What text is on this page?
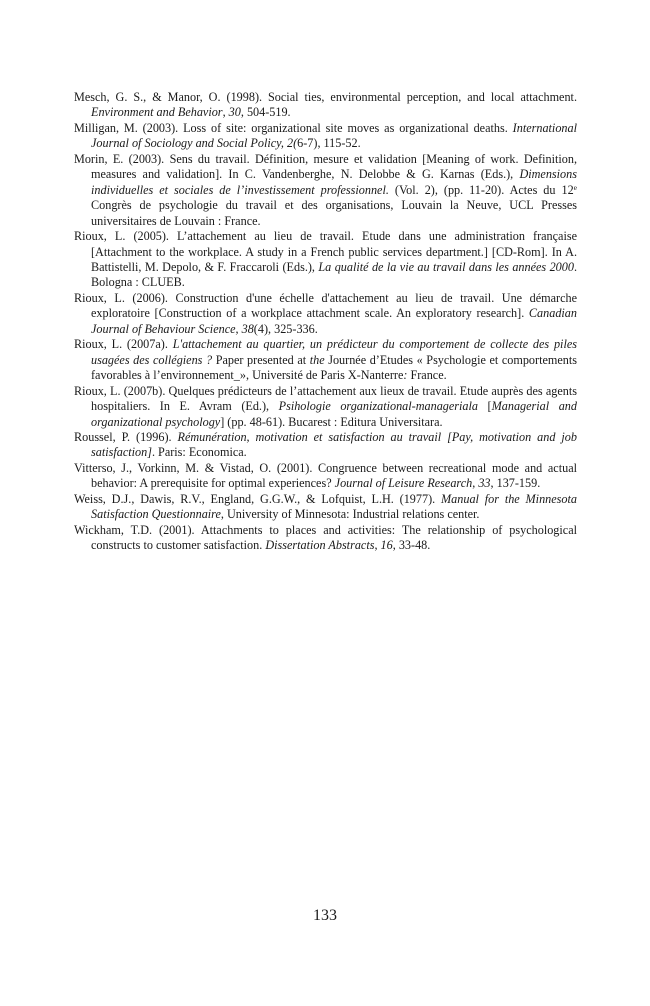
Mesch, G. S., & Manor, O. (1998). Social ties, environmental perception, and local attachment. Environment and Behavior, 30, 504-519.

Milligan, M. (2003). Loss of site: organizational site moves as organizational deaths. International Journal of Sociology and Social Policy, 2(6-7), 115-52.

Morin, E. (2003). Sens du travail. Définition, mesure et validation [Meaning of work. Definition, measures and validation]. In C. Vandenberghe, N. Delobbe & G. Karnas (Eds.), Dimensions individuelles et sociales de l’investissement professionnel. (Vol. 2), (pp. 11-20). Actes du 12e Congrès de psychologie du travail et des organisations, Louvain la Neuve, UCL Presses universitaires de Louvain : France.

Rioux, L. (2005). L’attachement au lieu de travail. Etude dans une administration française [Attachment to the workplace. A study in a French public services department.] [CD-Rom]. In A. Battistelli, M. Depolo, & F. Fraccaroli (Eds.), La qualité de la vie au travail dans les années 2000. Bologna : CLUEB.

Rioux, L. (2006). Construction d'une échelle d'attachement au lieu de travail. Une démarche exploratoire [Construction of a workplace attachment scale. An exploratory research]. Canadian Journal of Behaviour Science, 38(4), 325-336.

Rioux, L. (2007a). L'attachement au quartier, un prédicteur du comportement de collecte des piles usagées des collégiens ? Paper presented at the Journée d’Etudes « Psychologie et comportements favorables à l’environnement_», Université de Paris X-Nanterre: France.

Rioux, L. (2007b). Quelques prédicteurs de l’attachement aux lieux de travail. Etude auprès des agents hospitaliers. In E. Avram (Ed.), Psihologie organizational-manageriala [Managerial and organizational psychology] (pp. 48-61). Bucarest : Editura Universitara.

Roussel, P. (1996). Rémunération, motivation et satisfaction au travail [Pay, motivation and job satisfaction]. Paris: Economica.

Vitterso, J., Vorkinn, M. & Vistad, O. (2001). Congruence between recreational mode and actual behavior: A prerequisite for optimal experiences? Journal of Leisure Research, 33, 137-159.

Weiss, D.J., Dawis, R.V., England, G.G.W., & Lofquist, L.H. (1977). Manual for the Minnesota Satisfaction Questionnaire, University of Minnesota: Industrial relations center.

Wickham, T.D. (2001). Attachments to places and activities: The relationship of psychological constructs to customer satisfaction. Dissertation Abstracts, 16, 33-48.

133
